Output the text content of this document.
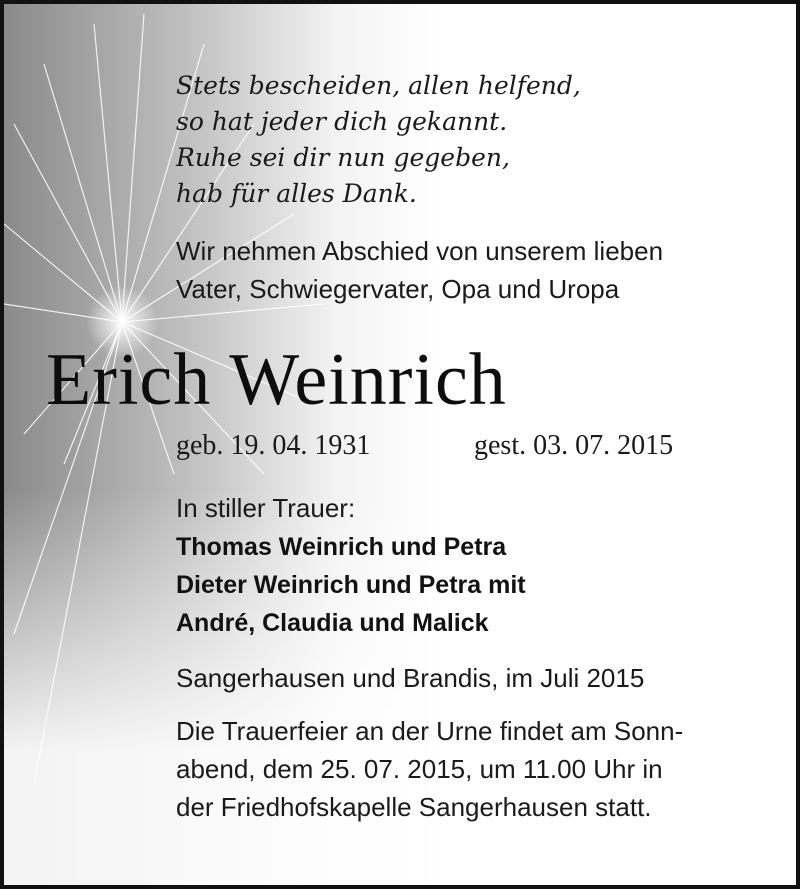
Stets bescheiden, allen helfend,
so hat jeder dich gekannt.
Ruhe sei dir nun gegeben,
hab für alles Dank.
Wir nehmen Abschied von unserem lieben
Vater, Schwiegervater, Opa und Uropa
Erich Weinrich
geb. 19. 04. 1931	gest. 03. 07. 2015
In stiller Trauer:
Thomas Weinrich und Petra
Dieter Weinrich und Petra mit
André, Claudia und Malick
Sangerhausen und Brandis, im Juli 2015
Die Trauerfeier an der Urne findet am Sonn-
abend, dem 25. 07. 2015, um 11.00 Uhr in
der Friedhofskapelle Sangerhausen statt.
